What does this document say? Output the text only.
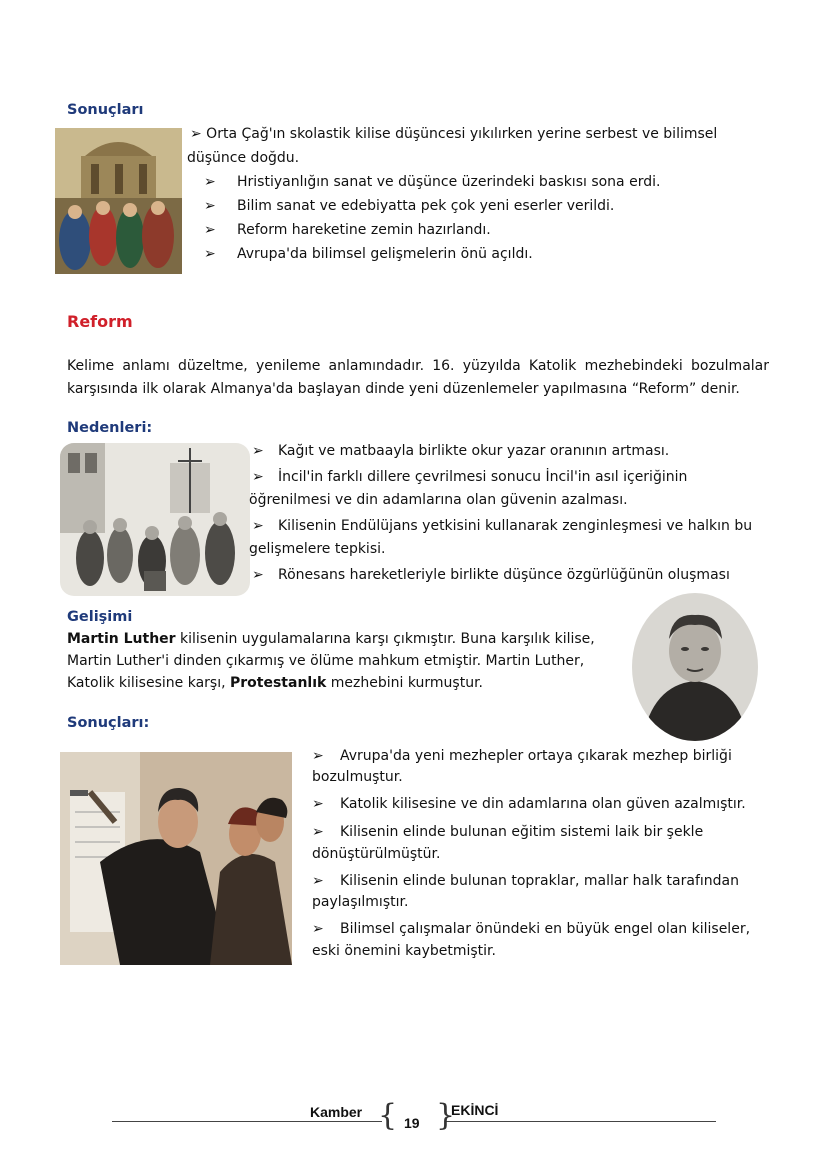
Sonuçları
➢ Orta Çağ'ın skolastik kilise düşüncesi yıkılırken yerine serbest ve bilimsel
düşünce doğdu.
➢ Hristiyanlığın sanat ve düşünce üzerindeki baskısı sona erdi.
➢ Bilim sanat ve edebiyatta pek çok yeni eserler verildi.
➢ Reform hareketine zemin hazırlandı.
➢ Avrupa'da bilimsel gelişmelerin önü açıldı.
Reform
Kelime anlamı düzeltme, yenileme anlamındadır. 16. yüzyılda Katolik mezhebindeki bozulmalar karşısında ilk olarak Almanya'da başlayan dinde yeni düzenlemeler yapılmasına “Reform” denir.
Nedenleri:
➢ Kağıt ve matbaayla birlikte okur yazar oranının artması.
➢ İncil'in farklı dillere çevrilmesi sonucu İncil'in asıl içeriğinin
öğrenilmesi ve din adamlarına olan güvenin azalması.
➢ Kilisenin Endülüjans yetkisini kullanarak zenginleşmesi ve halkın bu
gelişmelere tepkisi.
➢ Rönesans hareketleriyle birlikte düşünce özgürlüğünün oluşması
Gelişimi
Martin Luther kilisenin uygulamalarına karşı çıkmıştır. Buna karşılık kilise,
Martin Luther'i dinden çıkarmış ve ölüme mahkum etmiştir. Martin Luther,
Katolik kilisesine karşı, Protestanlık mezhebini kurmuştur.
Sonuçları:
➢ Avrupa'da yeni mezhepler ortaya çıkarak mezhep birliği
bozulmuştur.
➢ Katolik kilisesine ve din adamlarına olan güven azalmıştır.
➢ Kilisenin elinde bulunan eğitim sistemi laik bir şekle
dönüştürülmüştür.
➢ Kilisenin elinde bulunan topraklar, mallar halk tarafından
paylaşılmıştır.
➢ Bilimsel çalışmalar önündeki en büyük engel olan kiliseler,
eski önemini kaybetmiştir.
Kamber { 19 }
EKİNCİ
